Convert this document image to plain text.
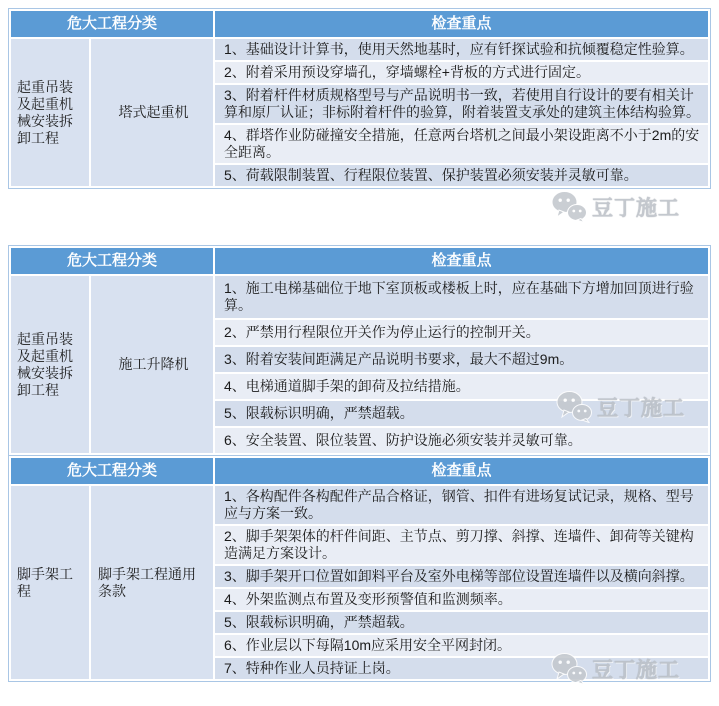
危大工程分类		检查重点
起重吊装及起重机械安装拆卸工程	塔式起重机	1、基础设计计算书，使用天然地基时，应有钎探试验和抗倾覆稳定性验算。
		2、附着采用预设穿墙孔，穿墙螺栓+背板的方式进行固定。
		3、附着杆件材质规格型号与产品说明书一致，若使用自行设计的要有相关计算和原厂认证；非标附着杆件的验算，附着装置支承处的建筑主体结构验算。
		4、群塔作业防碰撞安全措施，任意两台塔机之间最小架设距离不小于2m的安全距离。
		5、荷载限制装置、行程限位装置、保护装置必须安装并灵敏可靠。
危大工程分类		检查重点
起重吊装及起重机械安装拆卸工程	施工升降机	1、施工电梯基础位于地下室顶板或楼板上时，应在基础下方增加回顶进行验算。
		2、严禁用行程限位开关作为停止运行的控制开关。
		3、附着安装间距满足产品说明书要求，最大不超过9m。
		4、电梯通道脚手架的卸荷及拉结措施。
		5、限载标识明确，严禁超载。
		6、安全装置、限位装置、防护设施必须安装并灵敏可靠。
危大工程分类		检查重点
脚手架工程	脚手架工程通用条款	1、各构配件各构配件产品合格证，钢管、扣件有进场复试记录，规格、型号应与方案一致。
		2、脚手架架体的杆件间距、主节点、剪刀撑、斜撑、连墙件、卸荷等关键构造满足方案设计。
		3、脚手架开口位置如卸料平台及室外电梯等部位设置连墙件以及横向斜撑。
		4、外架监测点布置及变形预警值和监测频率。
		5、限载标识明确，严禁超载。
		6、作业层以下每隔10m应采用安全平网封闭。
		7、特种作业人员持证上岗。
豆丁施工
豆丁施工
豆丁施工
